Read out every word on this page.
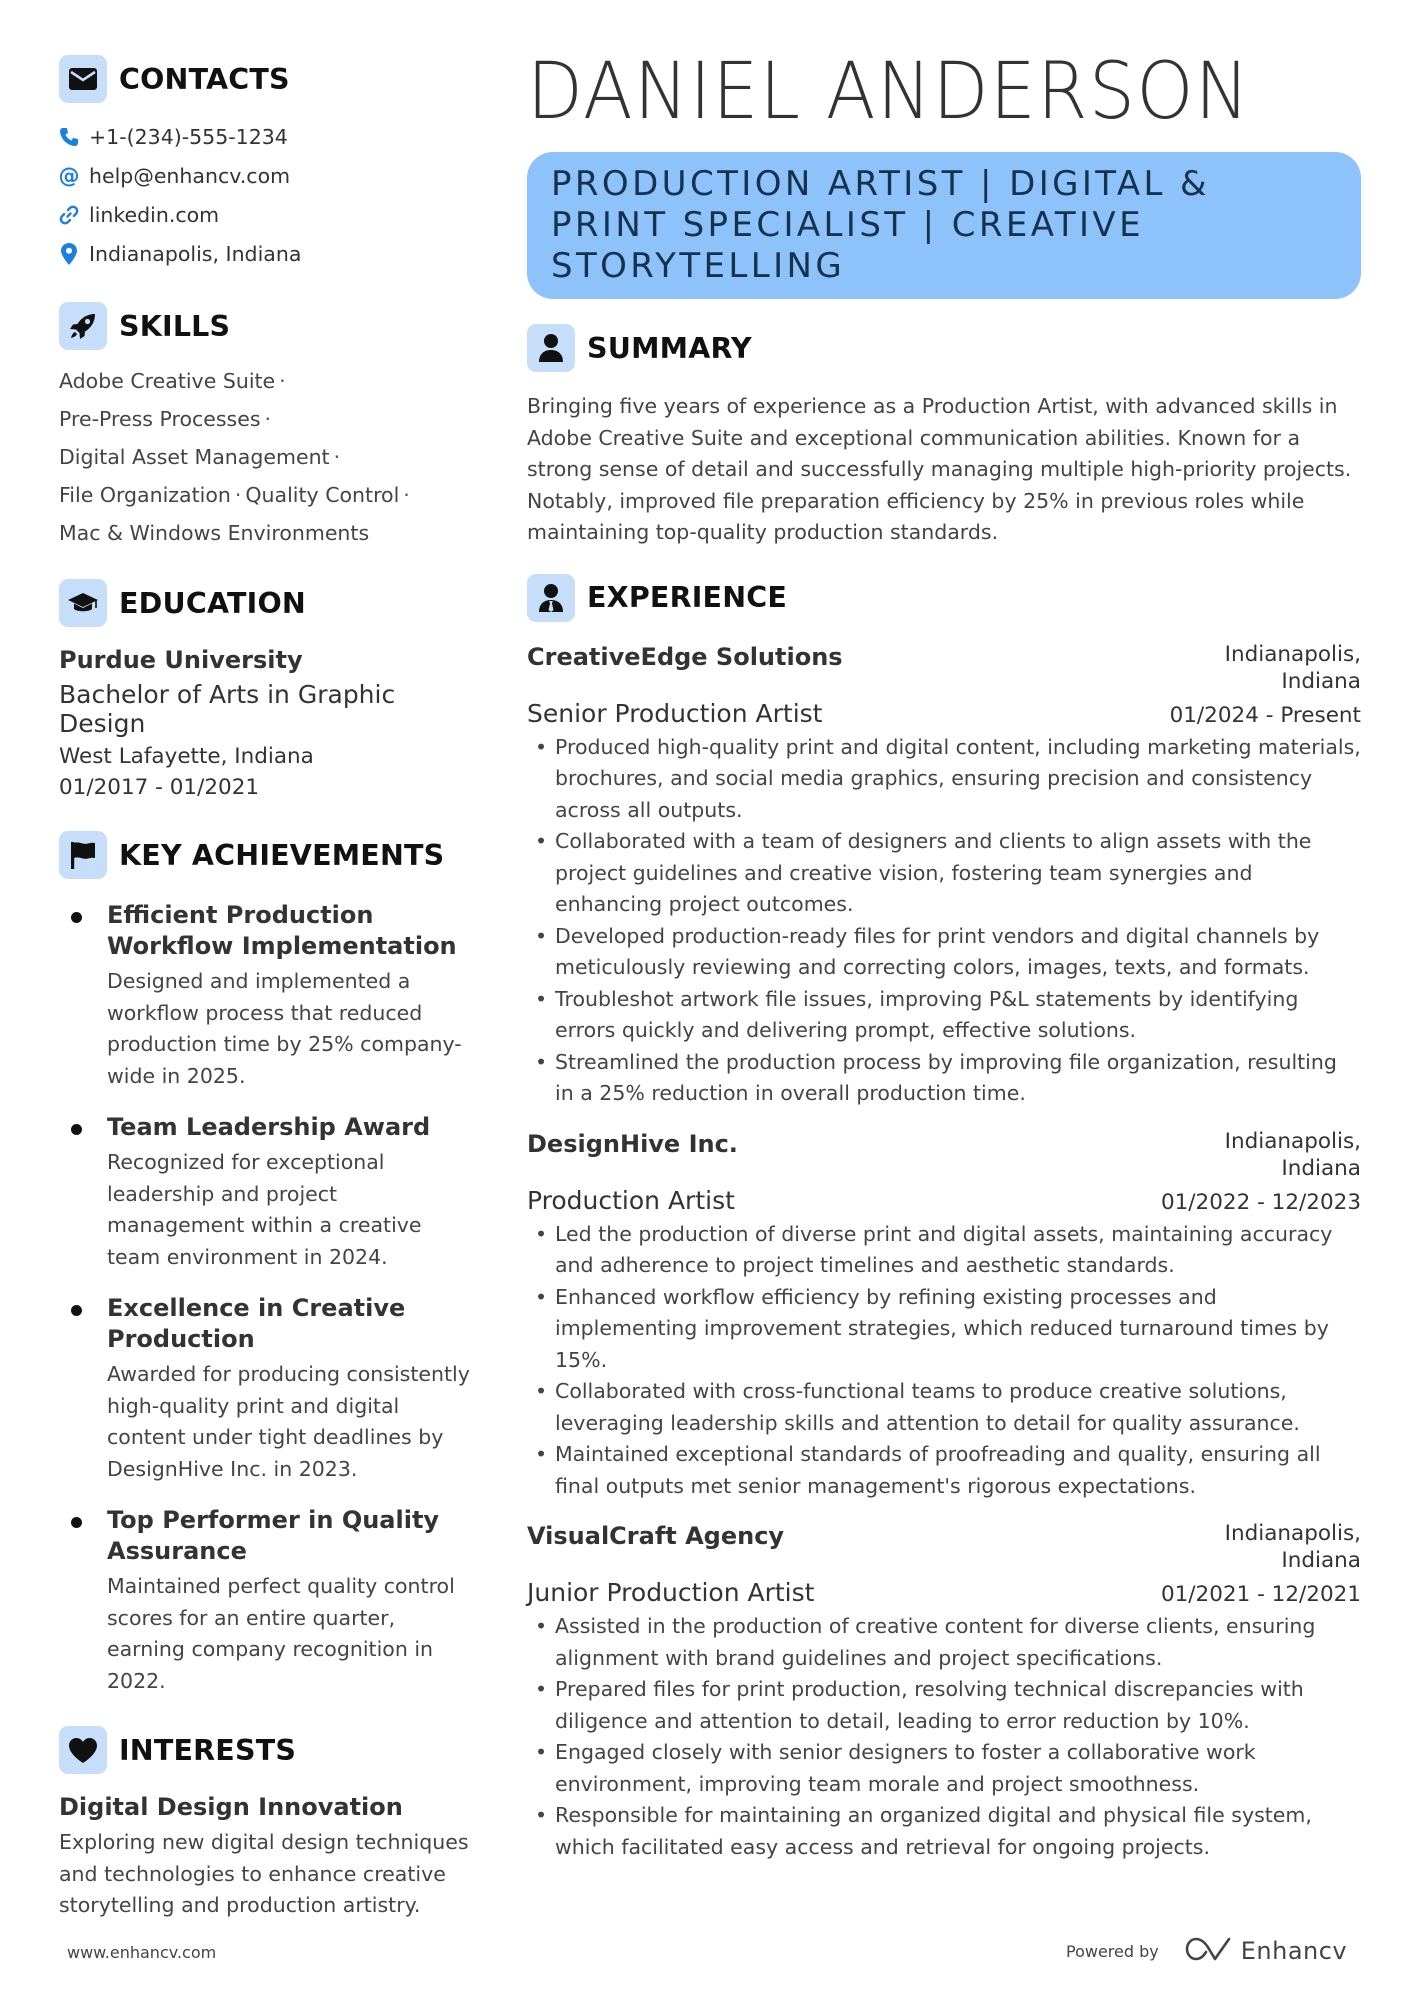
CONTACTS
+1-(234)-555-1234
@ help@enhancv.com
linkedin.com
Indianapolis, Indiana
SKILLS
Adobe Creative Suite ·
Pre-Press Processes ·
Digital Asset Management ·
File Organization · Quality Control ·
Mac & Windows Environments
EDUCATION
Purdue University
Bachelor of Arts in Graphic Design
West Lafayette, Indiana
01/2017 - 01/2021
KEY ACHIEVEMENTS
Efficient Production Workflow Implementation
Designed and implemented a workflow process that reduced production time by 25% company-wide in 2025.
Team Leadership Award
Recognized for exceptional leadership and project management within a creative team environment in 2024.
Excellence in Creative Production
Awarded for producing consistently high-quality print and digital content under tight deadlines by DesignHive Inc. in 2023.
Top Performer in Quality Assurance
Maintained perfect quality control scores for an entire quarter, earning company recognition in 2022.
INTERESTS
Digital Design Innovation
Exploring new digital design techniques and technologies to enhance creative storytelling and production artistry.
DANIEL ANDERSON
PRODUCTION ARTIST | DIGITAL & PRINT SPECIALIST | CREATIVE STORYTELLING
SUMMARY
Bringing five years of experience as a Production Artist, with advanced skills in Adobe Creative Suite and exceptional communication abilities. Known for a strong sense of detail and successfully managing multiple high-priority projects. Notably, improved file preparation efficiency by 25% in previous roles while maintaining top-quality production standards.
EXPERIENCE
CreativeEdge Solutions	Indianapolis,
Indiana
Senior Production Artist	01/2024 - Present
• Produced high-quality print and digital content, including marketing materials, brochures, and social media graphics, ensuring precision and consistency across all outputs.
• Collaborated with a team of designers and clients to align assets with the project guidelines and creative vision, fostering team synergies and enhancing project outcomes.
• Developed production-ready files for print vendors and digital channels by meticulously reviewing and correcting colors, images, texts, and formats.
• Troubleshot artwork file issues, improving P&L statements by identifying errors quickly and delivering prompt, effective solutions.
• Streamlined the production process by improving file organization, resulting in a 25% reduction in overall production time.
DesignHive Inc.	Indianapolis,
Indiana
Production Artist	01/2022 - 12/2023
• Led the production of diverse print and digital assets, maintaining accuracy and adherence to project timelines and aesthetic standards.
• Enhanced workflow efficiency by refining existing processes and implementing improvement strategies, which reduced turnaround times by 15%.
• Collaborated with cross-functional teams to produce creative solutions, leveraging leadership skills and attention to detail for quality assurance.
• Maintained exceptional standards of proofreading and quality, ensuring all final outputs met senior management's rigorous expectations.
VisualCraft Agency	Indianapolis,
Indiana
Junior Production Artist	01/2021 - 12/2021
• Assisted in the production of creative content for diverse clients, ensuring alignment with brand guidelines and project specifications.
• Prepared files for print production, resolving technical discrepancies with diligence and attention to detail, leading to error reduction by 10%.
• Engaged closely with senior designers to foster a collaborative work environment, improving team morale and project smoothness.
• Responsible for maintaining an organized digital and physical file system, which facilitated easy access and retrieval for ongoing projects.
www.enhancv.com	Powered by	Enhancv
